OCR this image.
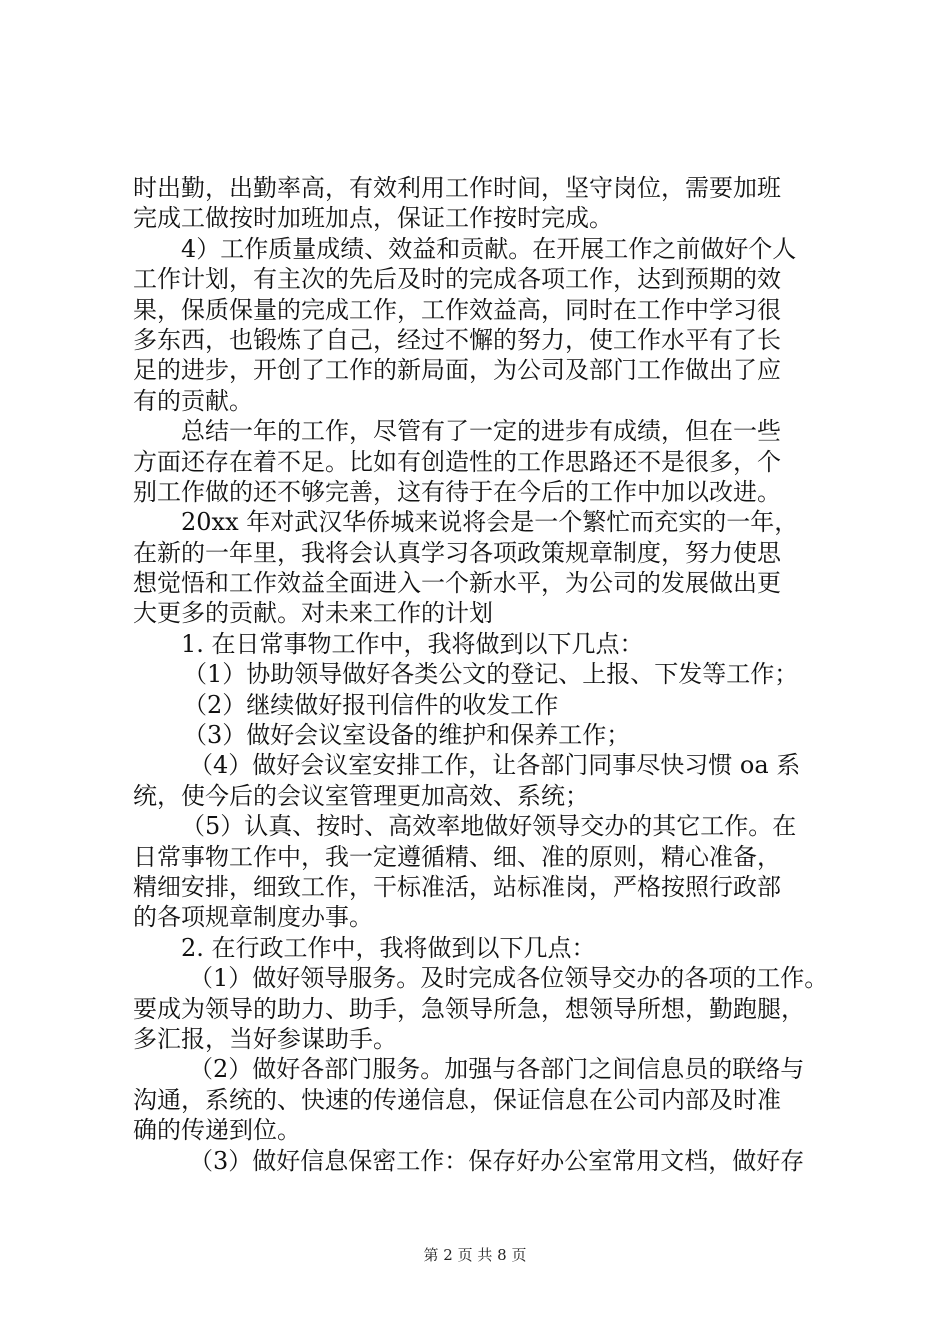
时出勤，出勤率高，有效利用工作时间，坚守岗位，需要加班
完成工做按时加班加点，保证工作按时完成。
4）工作质量成绩、效益和贡献。在开展工作之前做好个人
工作计划，有主次的先后及时的完成各项工作，达到预期的效
果，保质保量的完成工作，工作效益高，同时在工作中学习很
多东西，也锻炼了自己，经过不懈的努力，使工作水平有了长
足的进步，开创了工作的新局面，为公司及部门工作做出了应
有的贡献。
总结一年的工作，尽管有了一定的进步有成绩，但在一些
方面还存在着不足。比如有创造性的工作思路还不是很多，个
别工作做的还不够完善，这有待于在今后的工作中加以改进。
20xx 年对武汉华侨城来说将会是一个繁忙而充实的一年，
在新的一年里，我将会认真学习各项政策规章制度，努力使思
想觉悟和工作效益全面进入一个新水平，为公司的发展做出更
大更多的贡献。对未来工作的计划
1. 在日常事物工作中，我将做到以下几点：
（1）协助领导做好各类公文的登记、上报、下发等工作；
（2）继续做好报刊信件的收发工作
（3）做好会议室设备的维护和保养工作；
（4）做好会议室安排工作，让各部门同事尽快习惯 oa 系
统，使今后的会议室管理更加高效、系统；
（5）认真、按时、高效率地做好领导交办的其它工作。在
日常事物工作中，我一定遵循精、细、准的原则，精心准备，
精细安排，细致工作，干标准活，站标准岗，严格按照行政部
的各项规章制度办事。
2. 在行政工作中，我将做到以下几点：
（1）做好领导服务。及时完成各位领导交办的各项的工作。
要成为领导的助力、助手，急领导所急，想领导所想，勤跑腿，
多汇报，当好参谋助手。
（2）做好各部门服务。加强与各部门之间信息员的联络与
沟通，系统的、快速的传递信息，保证信息在公司内部及时准
确的传递到位。
（3）做好信息保密工作：保存好办公室常用文档，做好存
第 2 页 共 8 页
